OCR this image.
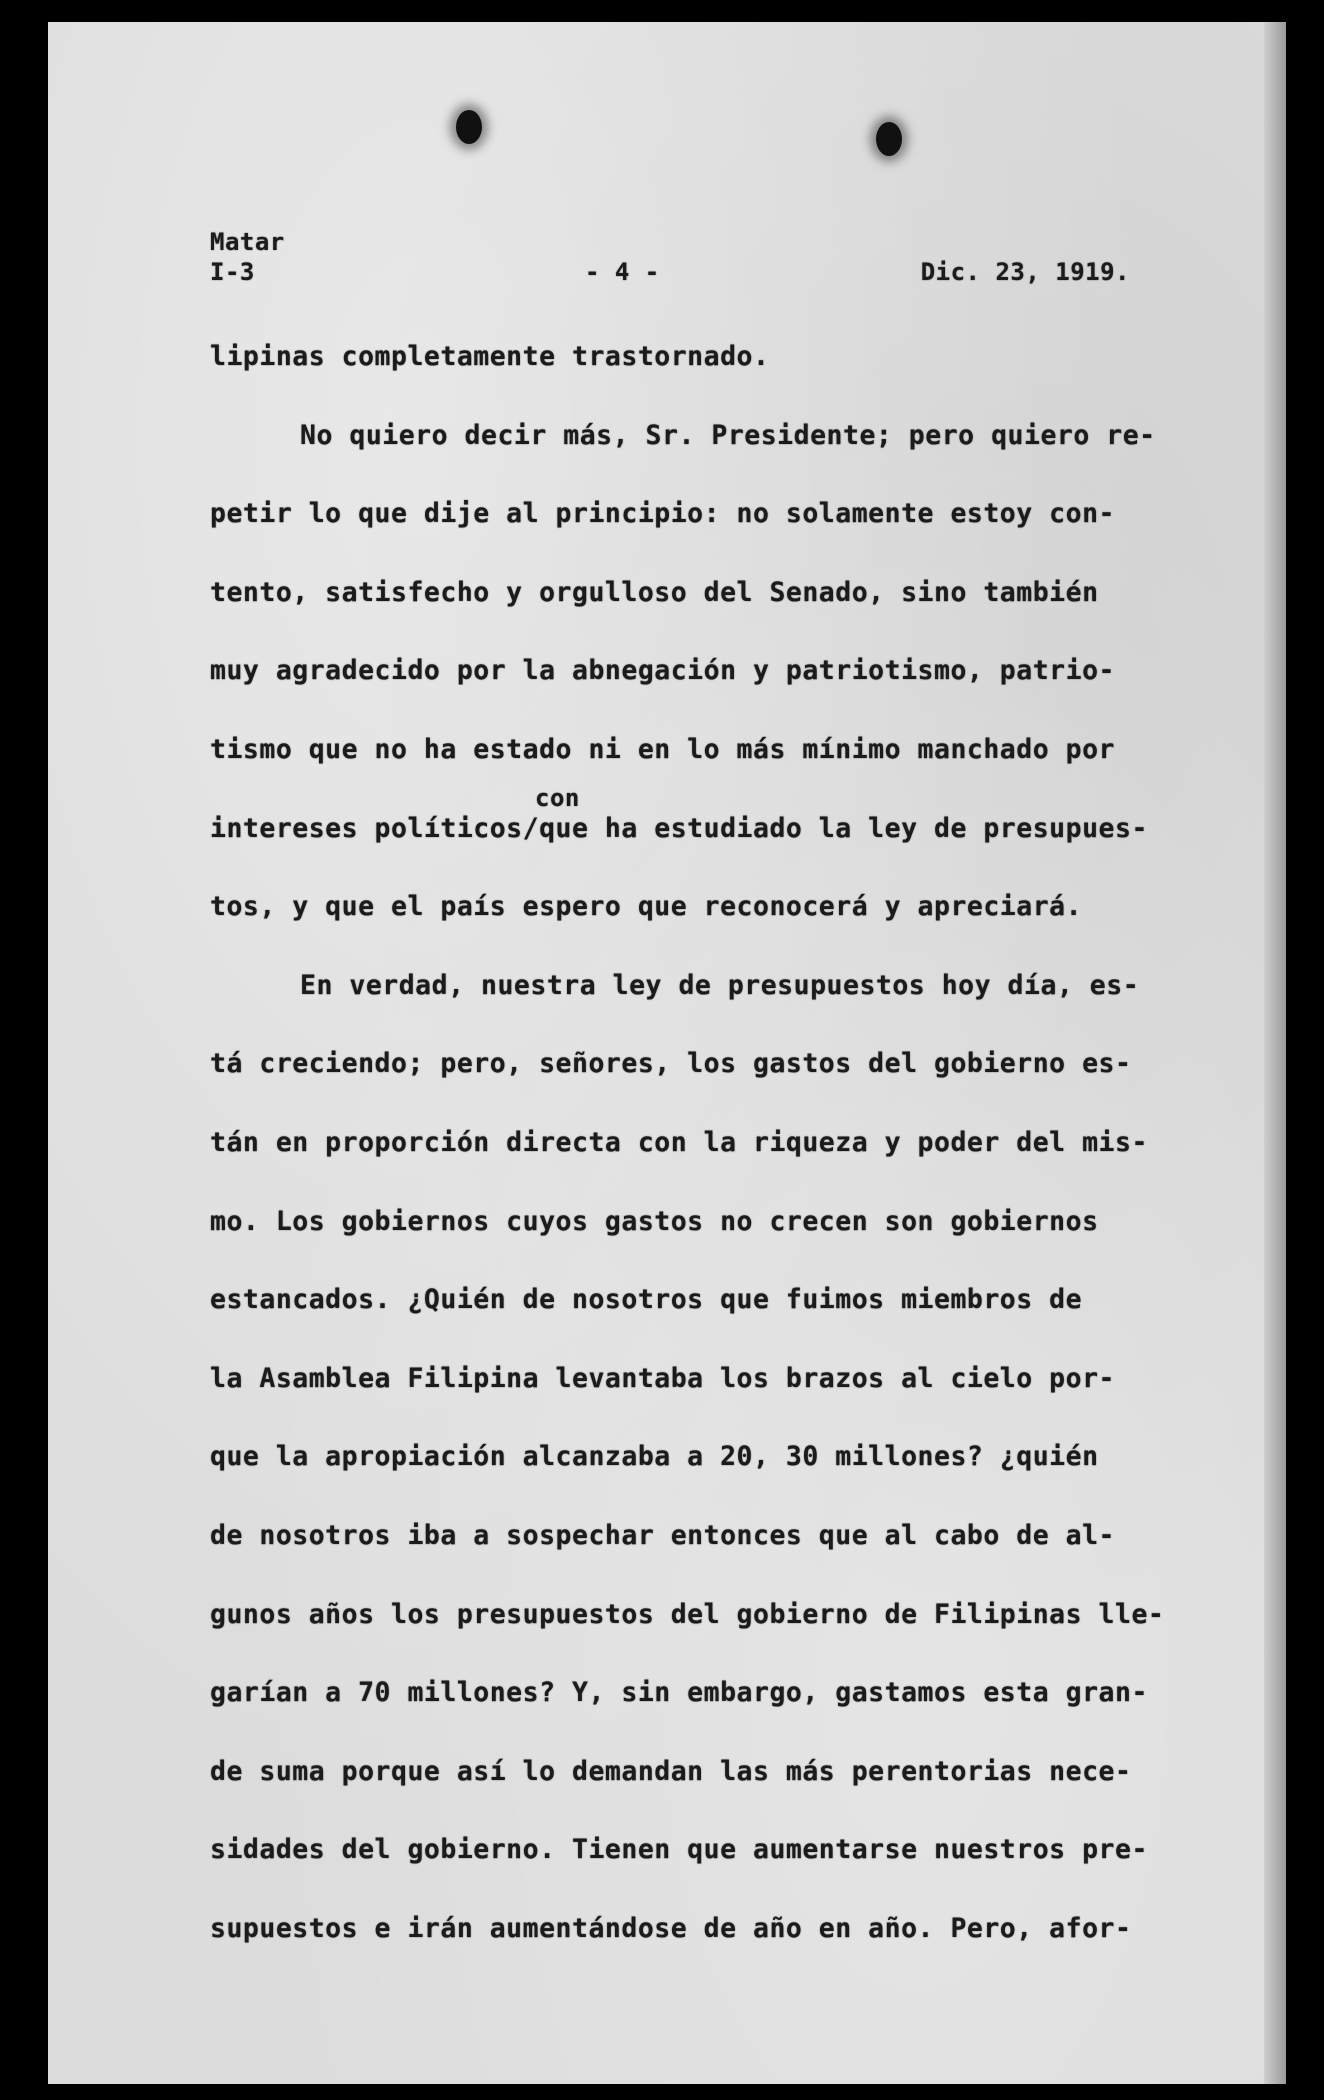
Matar
I-3	- 4 -	Dic. 23, 1919.
con
lipinas completamente trastornado.
No quiero decir más, Sr. Presidente; pero quiero re-
petir lo que dije al principio: no solamente estoy con-
tento, satisfecho y orgulloso del Senado, sino también
muy agradecido por la abnegación y patriotismo, patrio-
tismo que no ha estado ni en lo más mínimo manchado por
intereses políticos/que ha estudiado la ley de presupues-
tos, y que el país espero que reconocerá y apreciará.
En verdad, nuestra ley de presupuestos hoy día, es-
tá creciendo; pero, señores, los gastos del gobierno es-
tán en proporción directa con la riqueza y poder del mis-
mo. Los gobiernos cuyos gastos no crecen son gobiernos
estancados. ¿Quién de nosotros que fuimos miembros de
la Asamblea Filipina levantaba los brazos al cielo por-
que la apropiación alcanzaba a 20, 30 millones? ¿quién
de nosotros iba a sospechar entonces que al cabo de al-
gunos años los presupuestos del gobierno de Filipinas lle-
garían a 70 millones? Y, sin embargo, gastamos esta gran-
de suma porque así lo demandan las más perentorias nece-
sidades del gobierno. Tienen que aumentarse nuestros pre-
supuestos e irán aumentándose de año en año. Pero, afor-
